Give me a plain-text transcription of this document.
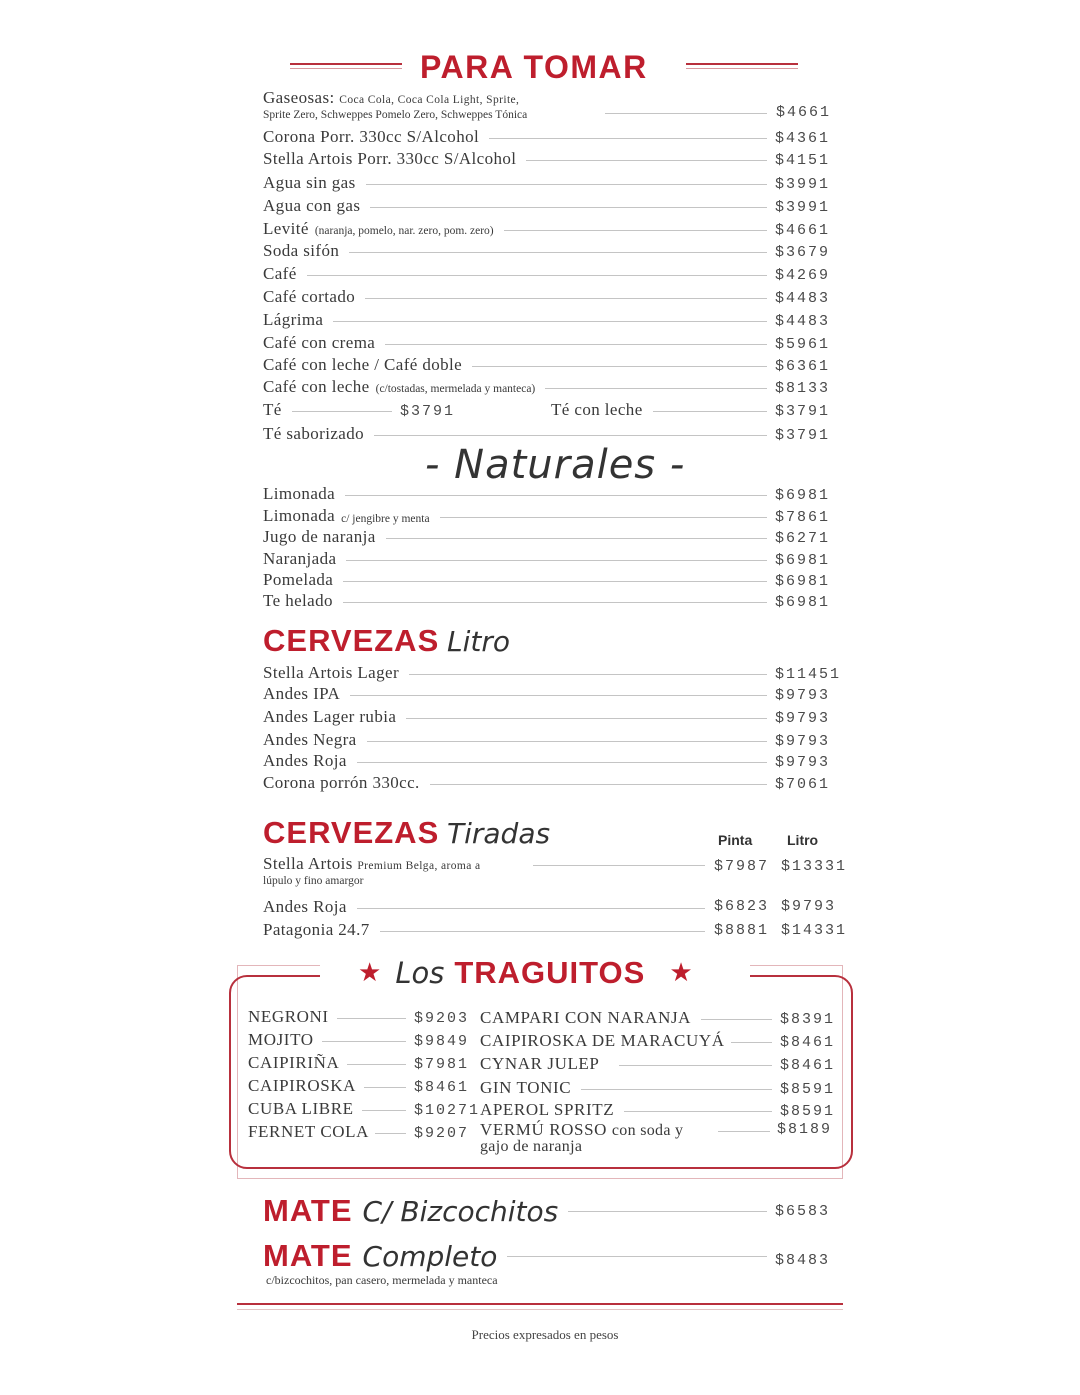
PARA TOMAR
Gaseosas: Coca Cola, Coca Cola Light, Sprite,
Sprite Zero, Schweppes Pomelo Zero, Schweppes Tónica	$4661
Corona Porr. 330cc S/Alcohol	$4361
Stella Artois Porr. 330cc S/Alcohol	$4151
Agua sin gas	$3991
Agua con gas	$3991
Levité (naranja, pomelo, nar. zero, pom. zero)	$4661
Soda sifón	$3679
Café	$4269
Café cortado	$4483
Lágrima	$4483
Café con crema	$5961
Café con leche / Café doble	$6361
Café con leche (c/tostadas, mermelada y manteca)	$8133
Té	$3791	Té con leche	$3791
Té saborizado	$3791
- Naturales -
Limonada	$6981
Limonada c/ jengibre y menta	$7861
Jugo de naranja	$6271
Naranjada	$6981
Pomelada	$6981
Te helado	$6981
CERVEZAS Litro
Stella Artois Lager	$11451
Andes IPA	$9793
Andes Lager rubia	$9793
Andes Negra	$9793
Andes Roja	$9793
Corona porrón 330cc.	$7061
CERVEZAS Tiradas	Pinta Litro
Stella Artois Premium Belga, aroma a
lúpulo y fino amargor
$7987 $13331
Andes Roja	$6823 $9793
Patagonia 24.7	$8881 $14331
★ Los TRAGUITOS ★
NEGRONI	$9203
MOJITO	$9849
CAIPIRIÑA	$7981
CAIPIROSKA	$8461
CUBA LIBRE	$10271
FERNET COLA	$9207
CAMPARI CON NARANJA	$8391
CAIPIROSKA DE MARACUYÁ	$8461
CYNAR JULEP	$8461
GIN TONIC	$8591
APEROL SPRITZ	$8591
VERMÚ ROSSO con soda y
gajo de naranja
$8189
MATE C/ Bizcochitos	$6583
MATE Completo	$8483
c/bizcochitos, pan casero, mermelada y manteca
Precios expresados en pesos
